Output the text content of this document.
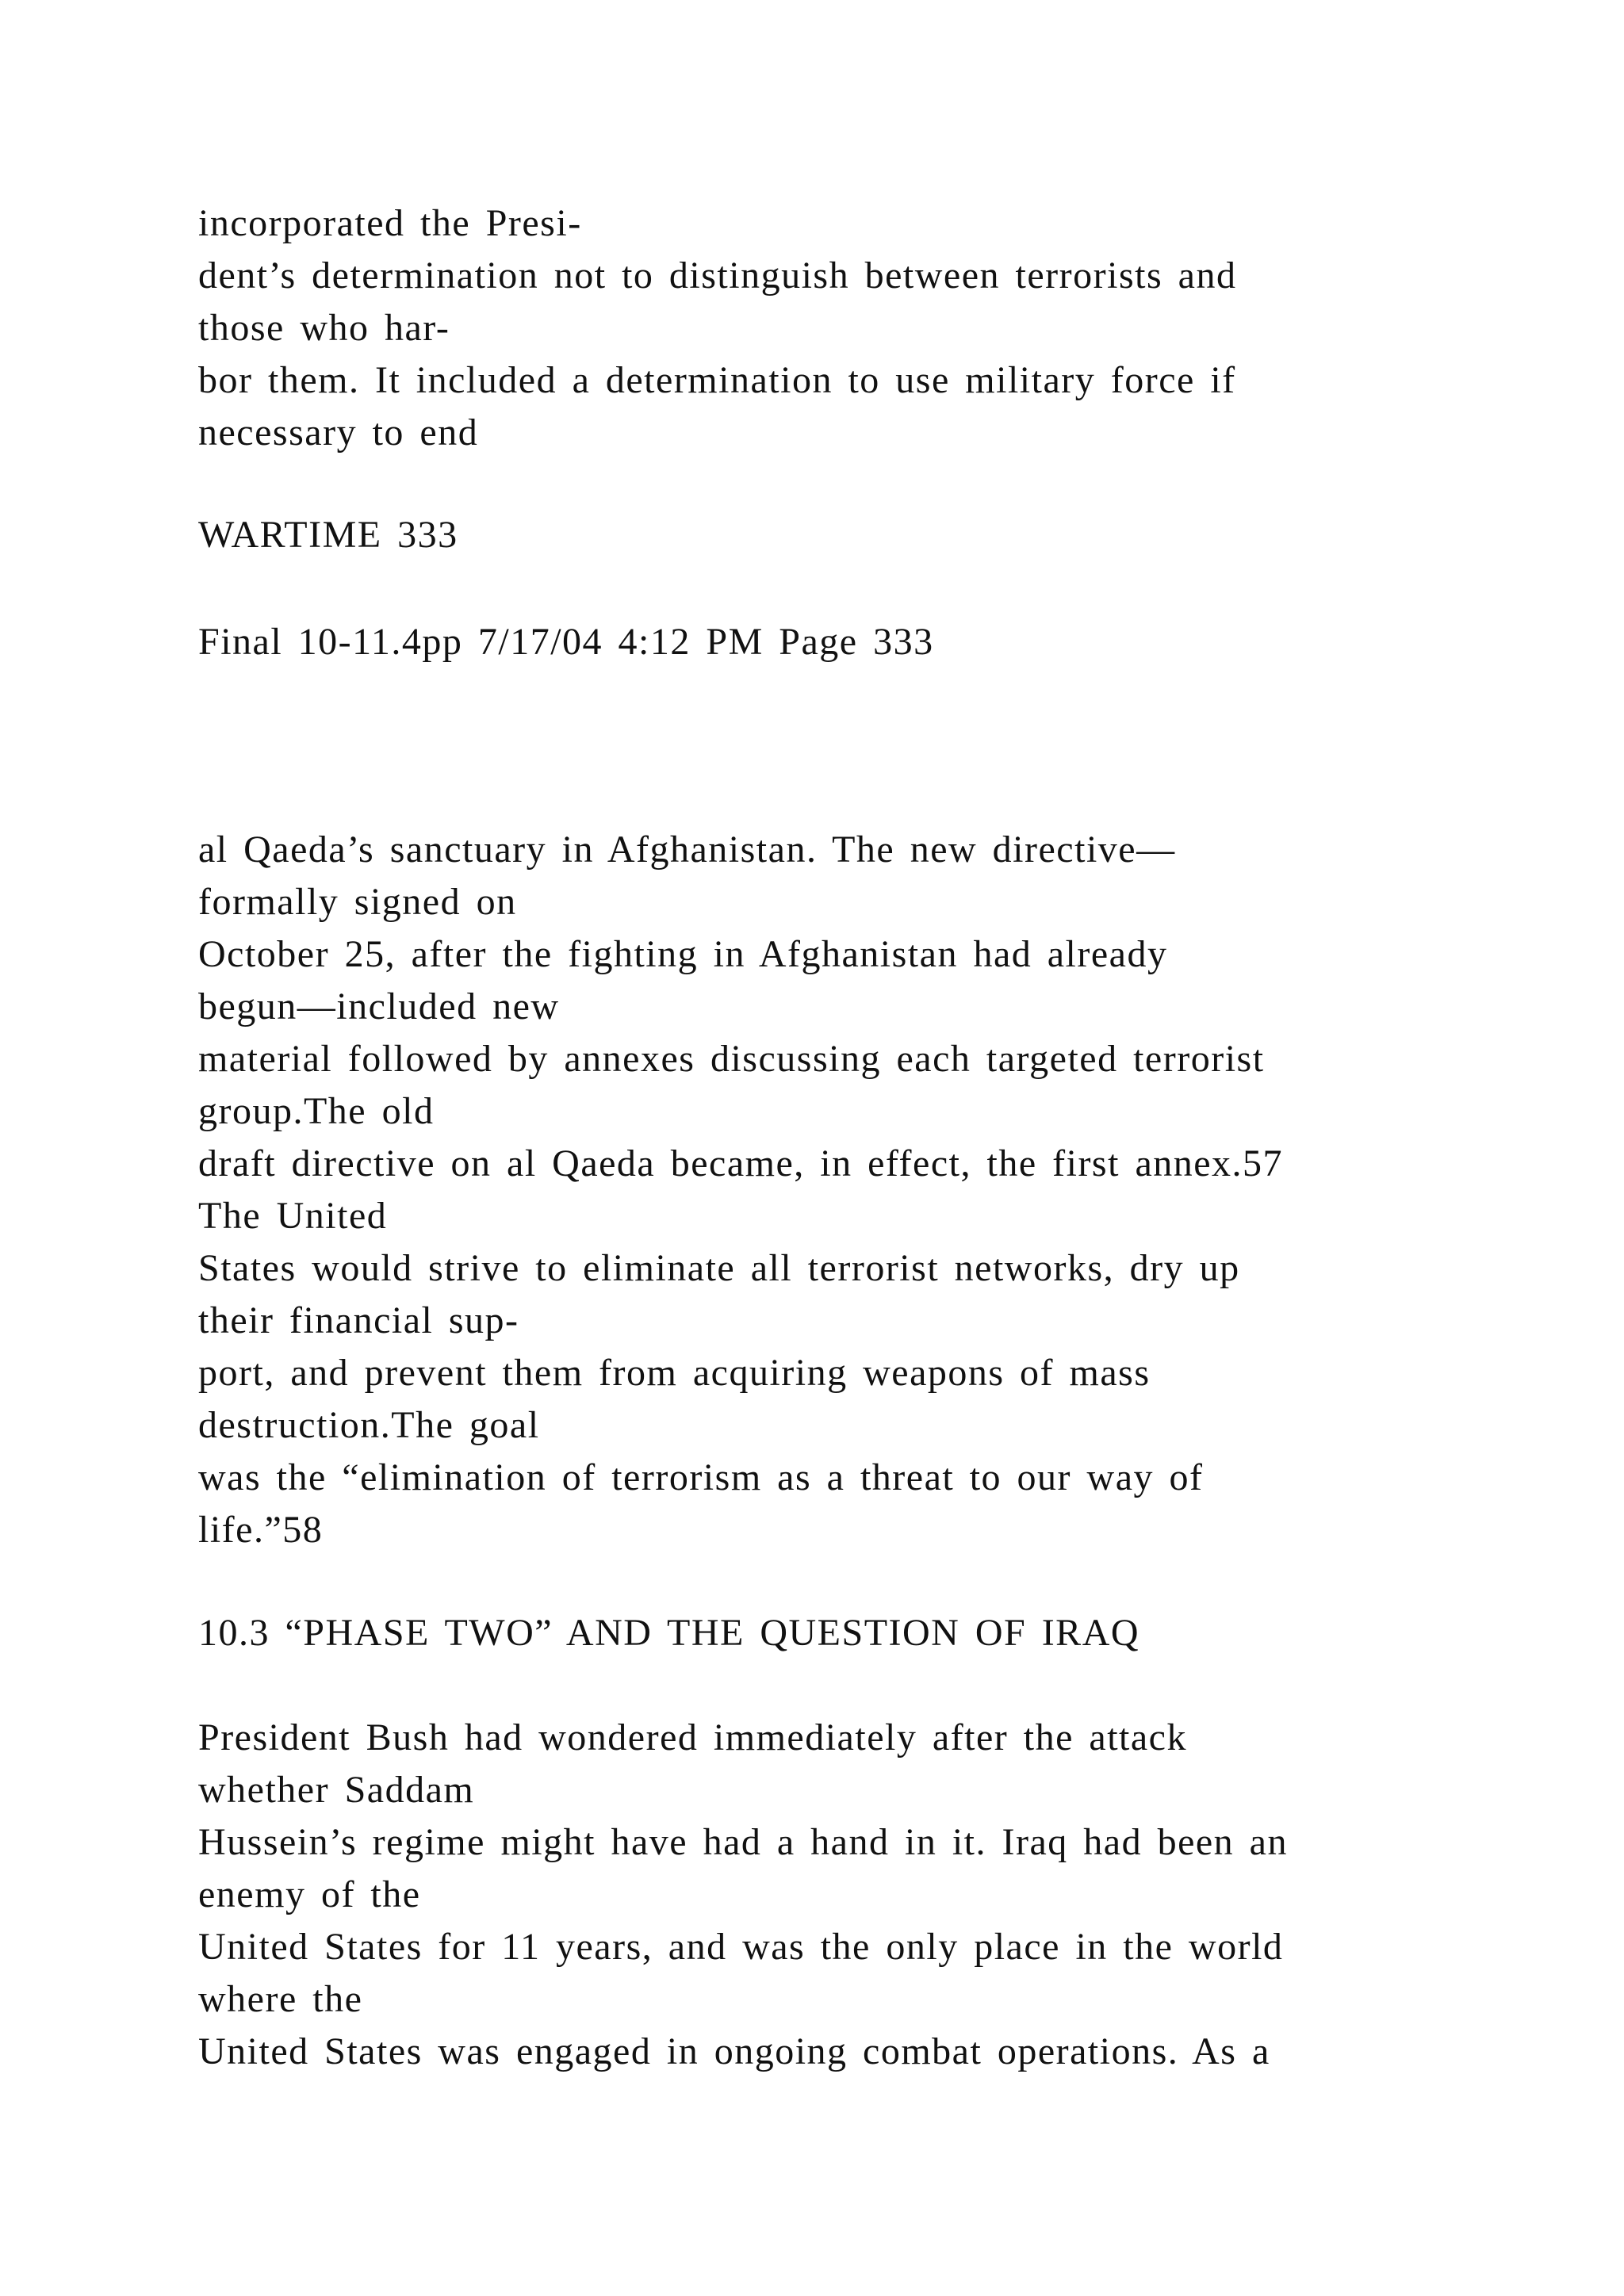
incorporated the Presi-
dent’s determination not to distinguish between terrorists and
those who har-
bor them. It included a determination to use military force if
necessary to end
WARTIME 333
Final 10-11.4pp 7/17/04 4:12 PM Page 333
al Qaeda’s sanctuary in Afghanistan. The new directive—
formally signed on
October 25, after the fighting in Afghanistan had already
begun—included new
material followed by annexes discussing each targeted terrorist
group.The old
draft directive on al Qaeda became, in effect, the first annex.57
The United
States would strive to eliminate all terrorist networks, dry up
their financial sup-
port, and prevent them from acquiring weapons of mass
destruction.The goal
was the “elimination of terrorism as a threat to our way of
life.”58
10.3 “PHASE TWO” AND THE QUESTION OF IRAQ
President Bush had wondered immediately after the attack
whether Saddam
Hussein’s regime might have had a hand in it. Iraq had been an
enemy of the
United States for 11 years, and was the only place in the world
where the
United States was engaged in ongoing combat operations. As a
